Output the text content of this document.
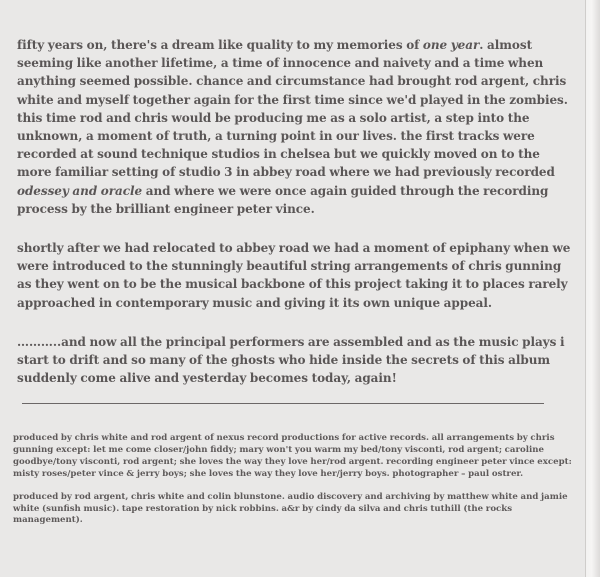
fifty years on, there's a dream like quality to my memories of one year. almost seeming like another lifetime, a time of innocence and naivety and a time when anything seemed possible. chance and circumstance had brought rod argent, chris white and myself together again for the first time since we'd played in the zombies. this time rod and chris would be producing me as a solo artist, a step into the unknown, a moment of truth, a turning point in our lives. the first tracks were recorded at sound technique studios in chelsea but we quickly moved on to the more familiar setting of studio 3 in abbey road where we had previously recorded odessey and oracle and where we were once again guided through the recording process by the brilliant engineer peter vince.

shortly after we had relocated to abbey road we had a moment of epiphany when we were introduced to the stunningly beautiful string arrangements of chris gunning as they went on to be the musical backbone of this project taking it to places rarely approached in contemporary music and giving it its own unique appeal.

………..and now all the principal performers are assembled and as the music plays i start to drift and so many of the ghosts who hide inside the secrets of this album suddenly come alive and yesterday becomes today, again!

produced by chris white and rod argent of nexus record productions for active records. all arrangements by chris gunning except: let me come closer/john fiddy; mary won't you warm my bed/tony visconti, rod argent; caroline goodbye/tony visconti, rod argent; she loves the way they love her/rod argent. recording engineer peter vince except: misty roses/peter vince & jerry boys; she loves the way they love her/jerry boys. photographer – paul ostrer.

produced by rod argent, chris white and colin blunstone. audio discovery and archiving by matthew white and jamie white (sunfish music). tape restoration by nick robbins. a&r by cindy da silva and chris tuthill (the rocks management).
